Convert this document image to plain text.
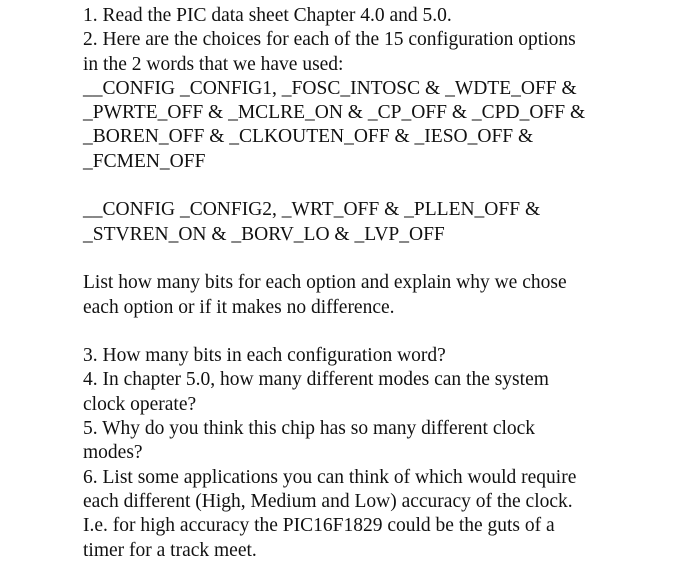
1. Read the PIC data sheet Chapter 4.0 and 5.0.
2. Here are the choices for each of the 15 configuration options
in the 2 words that we have used:
__CONFIG _CONFIG1, _FOSC_INTOSC & _WDTE_OFF &
_PWRTE_OFF & _MCLRE_ON & _CP_OFF & _CPD_OFF &
_BOREN_OFF & _CLKOUTEN_OFF & _IESO_OFF &
_FCMEN_OFF
__CONFIG _CONFIG2, _WRT_OFF & _PLLEN_OFF &
_STVREN_ON & _BORV_LO & _LVP_OFF
List how many bits for each option and explain why we chose
each option or if it makes no difference.
3. How many bits in each configuration word?
4. In chapter 5.0, how many different modes can the system
clock operate?
5. Why do you think this chip has so many different clock
modes?
6. List some applications you can think of which would require
each different (High, Medium and Low) accuracy of the clock.
I.e. for high accuracy the PIC16F1829 could be the guts of a
timer for a track meet.
